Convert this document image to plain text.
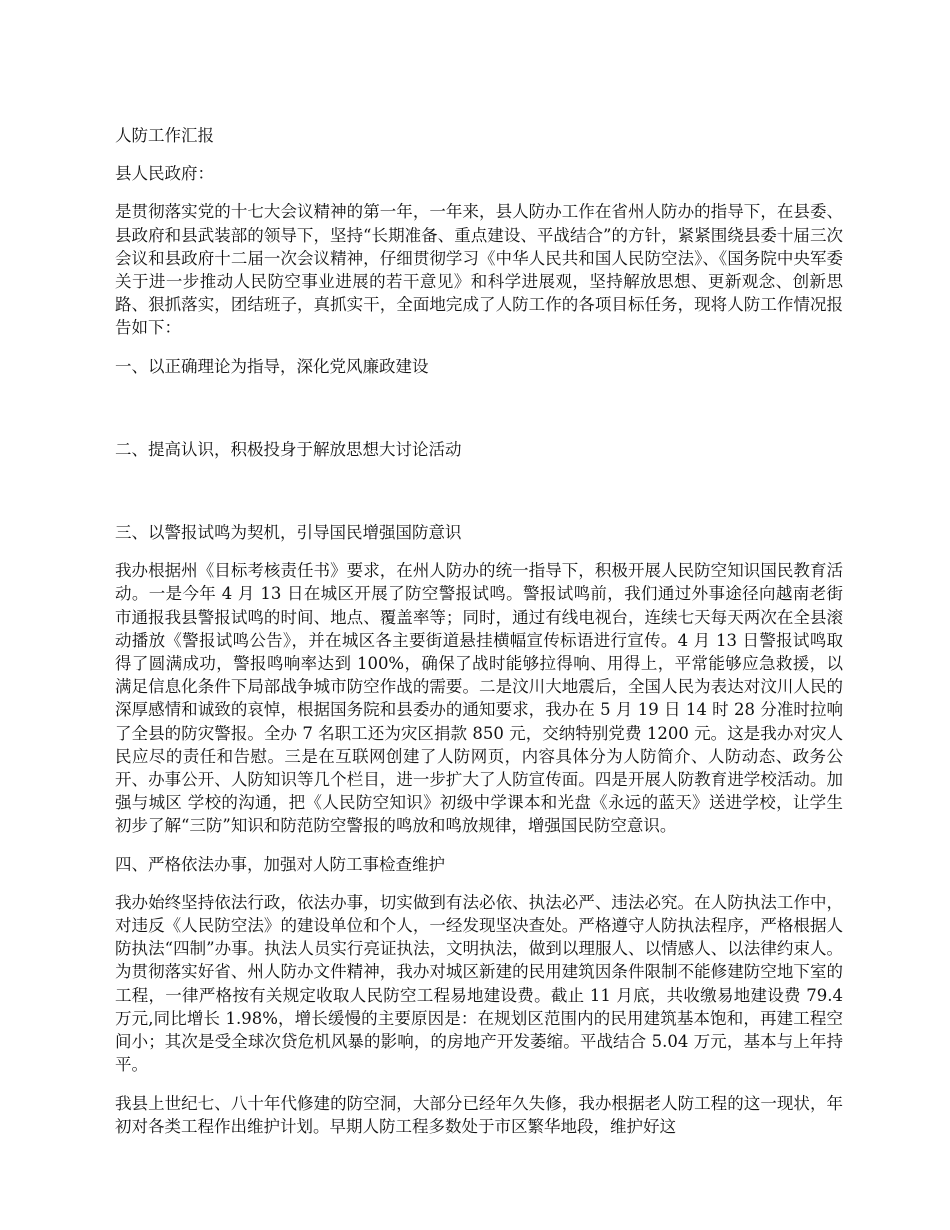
人防工作汇报

县人民政府：

是贯彻落实党的十七大会议精神的第一年，一年来，县人防办工作在省州人防办的指导下，在县委、县政府和县武装部的领导下，坚持“长期准备、重点建设、平战结合”的方针，紧紧围绕县委十届三次会议和县政府十二届一次会议精神，仔细贯彻学习《中华人民共和国人民防空法》、《国务院中央军委关于进一步推动人民防空事业进展的若干意见》和科学进展观，坚持解放思想、更新观念、创新思路、狠抓落实，团结班子，真抓实干，全面地完成了人防工作的各项目标任务，现将人防工作情况报告如下：

一、以正确理论为指导，深化党风廉政建设

二、提高认识，积极投身于解放思想大讨论活动

三、以警报试鸣为契机，引导国民增强国防意识

我办根据州《目标考核责任书》要求，在州人防办的统一指导下，积极开展人民防空知识国民教育活动。一是今年 4 月 13 日在城区开展了防空警报试鸣。警报试鸣前，我们通过外事途径向越南老街市通报我县警报试鸣的时间、地点、覆盖率等；同时，通过有线电视台，连续七天每天两次在全县滚动播放《警报试鸣公告》，并在城区各主要街道悬挂横幅宣传标语进行宣传。4 月 13 日警报试鸣取得了圆满成功，警报鸣响率达到 100%，确保了战时能够拉得响、用得上，平常能够应急救援，以满足信息化条件下局部战争城市防空作战的需要。二是汶川大地震后，全国人民为表达对汶川人民的深厚感情和诚致的哀悼，根据国务院和县委办的通知要求，我办在 5 月 19 日 14 时 28 分准时拉响了全县的防灾警报。全办 7 名职工还为灾区捐款 850 元，交纳特别党费 1200 元。这是我办对灾人民应尽的责任和告慰。三是在互联网创建了人防网页，内容具体分为人防简介、人防动态、政务公开、办事公开、人防知识等几个栏目，进一步扩大了人防宣传面。四是开展人防教育进学校活动。加强与城区 学校的沟通，把《人民防空知识》初级中学课本和光盘《永远的蓝天》送进学校，让学生初步了解“三防”知识和防范防空警报的鸣放和鸣放规律，增强国民防空意识。

四、严格依法办事，加强对人防工事检查维护

我办始终坚持依法行政，依法办事，切实做到有法必依、执法必严、违法必究。在人防执法工作中，对违反《人民防空法》的建设单位和个人，一经发现坚决查处。严格遵守人防执法程序，严格根据人防执法“四制”办事。执法人员实行亮证执法，文明执法，做到以理服人、以情感人、以法律约束人。为贯彻落实好省、州人防办文件精神，我办对城区新建的民用建筑因条件限制不能修建防空地下室的工程，一律严格按有关规定收取人民防空工程易地建设费。截止 11 月底，共收缴易地建设费 79.4 万元,同比增长 1.98%，增长缓慢的主要原因是：在规划区范围内的民用建筑基本饱和，再建工程空间小；其次是受全球次贷危机风暴的影响，的房地产开发萎缩。平战结合 5.04 万元，基本与上年持平。

我县上世纪七、八十年代修建的防空洞，大部分已经年久失修，我办根据老人防工程的这一现状，年初对各类工程作出维护计划。早期人防工程多数处于市区繁华地段，维护好这
